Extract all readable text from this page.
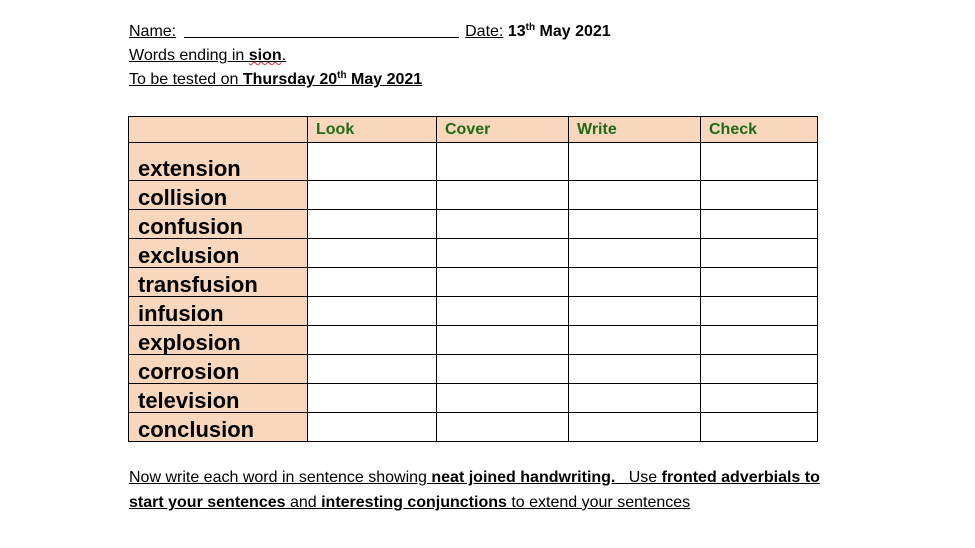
Name:	Date: 13th May 2021
Words ending in sion.
To be tested on Thursday 20th May 2021
	Look	Cover	Write	Check
extension				
collision				
confusion				
exclusion				
transfusion				
infusion				
explosion				
corrosion				
television				
conclusion				
Now write each word in sentence showing neat joined handwriting.   Use fronted adverbials to start your sentences and interesting conjunctions to extend your sentences
